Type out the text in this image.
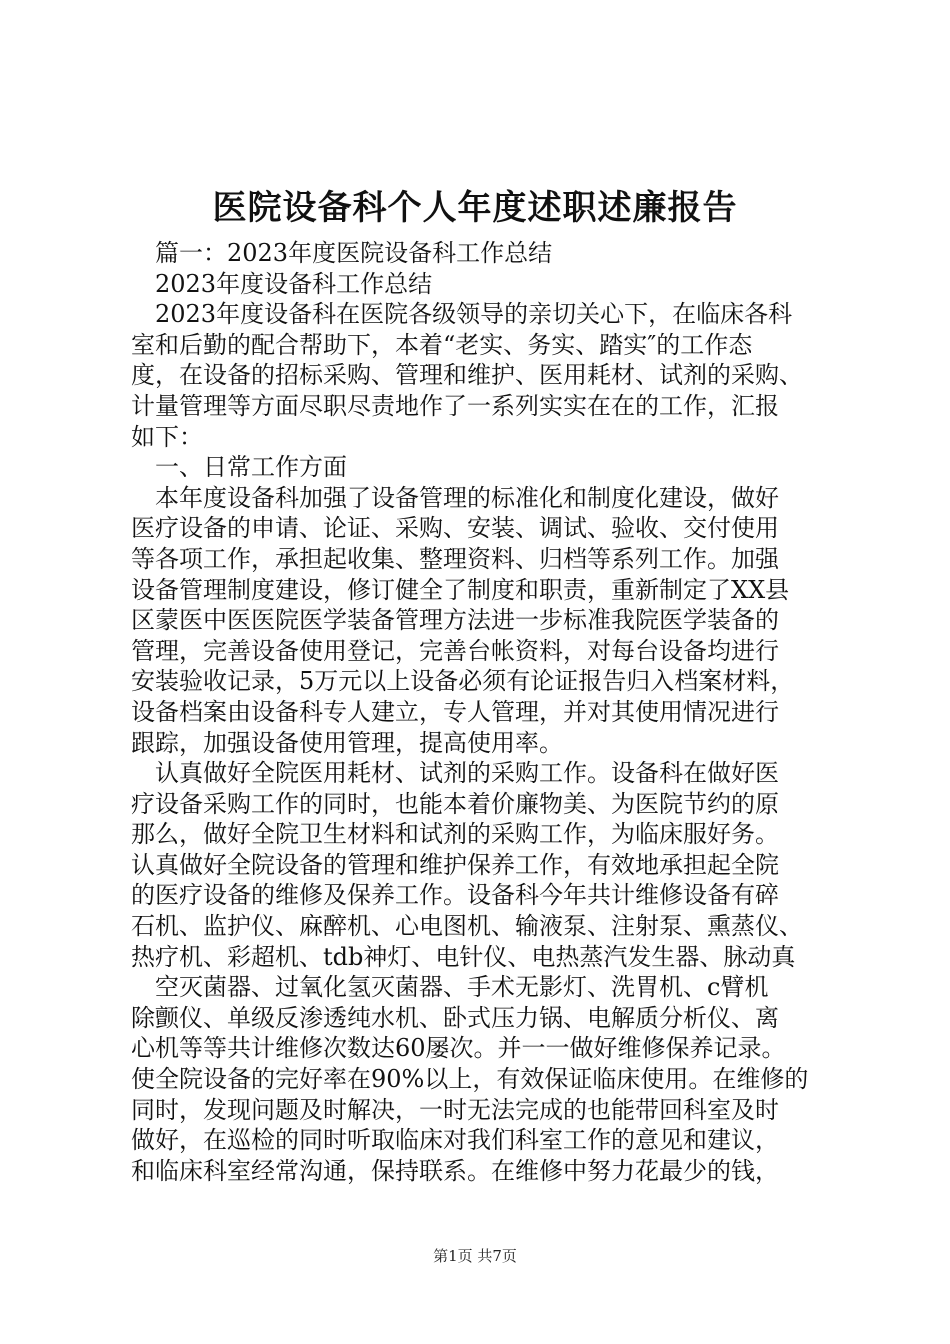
医院设备科个人年度述职述廉报告
　篇一：2023年度医院设备科工作总结
　2023年度设备科工作总结
　2023年度设备科在医院各级领导的亲切关心下，在临床各科
室和后勤的配合帮助下，本着“老实、务实、踏实″的工作态
度，在设备的招标采购、管理和维护、医用耗材、试剂的采购、
计量管理等方面尽职尽责地作了一系列实实在在的工作，汇报
如下：
　一、日常工作方面
　本年度设备科加强了设备管理的标准化和制度化建设，做好
医疗设备的申请、论证、采购、安装、调试、验收、交付使用
等各项工作，承担起收集、整理资料、归档等系列工作。加强
设备管理制度建设，修订健全了制度和职责，重新制定了XX县
区蒙医中医医院医学装备管理方法进一步标准我院医学装备的
管理，完善设备使用登记，完善台帐资料，对每台设备均进行
安装验收记录，5万元以上设备必须有论证报告归入档案材料，
设备档案由设备科专人建立，专人管理，并对其使用情况进行
跟踪，加强设备使用管理，提高使用率。
　认真做好全院医用耗材、试剂的采购工作。设备科在做好医
疗设备采购工作的同时，也能本着价廉物美、为医院节约的原
那么，做好全院卫生材料和试剂的采购工作，为临床服好务。
认真做好全院设备的管理和维护保养工作，有效地承担起全院
的医疗设备的维修及保养工作。设备科今年共计维修设备有碎
石机、监护仪、麻醉机、心电图机、输液泵、注射泵、熏蒸仪、
热疗机、彩超机、tdb神灯、电针仪、电热蒸汽发生器、脉动真
　空灭菌器、过氧化氢灭菌器、手术无影灯、洗胃机、c臂机
除颤仪、单级反渗透纯水机、卧式压力锅、电解质分析仪、离
心机等等共计维修次数达60屡次。并一一做好维修保养记录。
使全院设备的完好率在90%以上，有效保证临床使用。在维修的
同时，发现问题及时解决，一时无法完成的也能带回科室及时
做好，在巡检的同时听取临床对我们科室工作的意见和建议，
和临床科室经常沟通，保持联系。在维修中努力花最少的钱，
第1页 共7页
